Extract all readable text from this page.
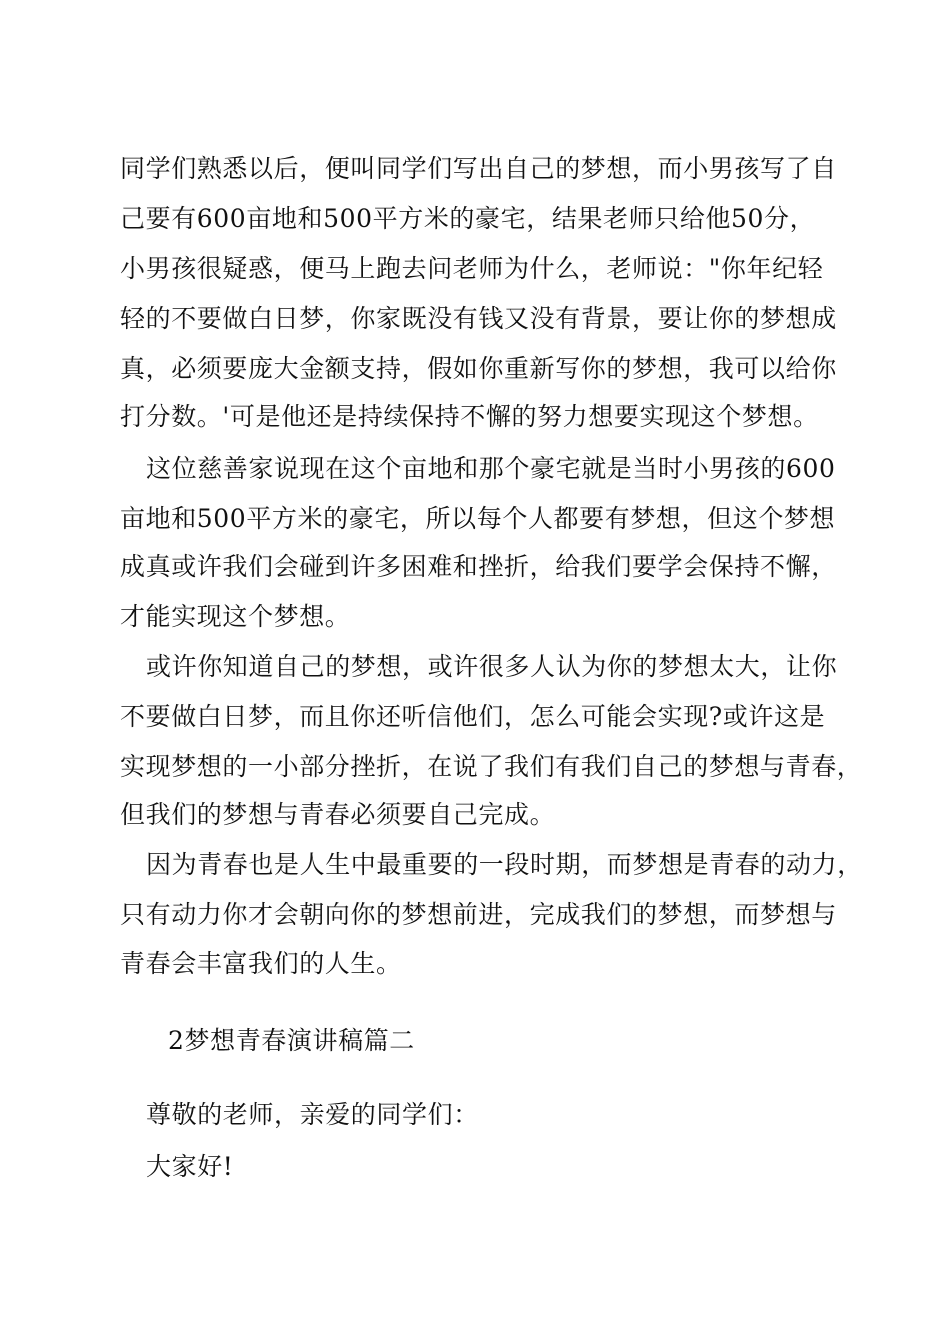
同学们熟悉以后，便叫同学们写出自己的梦想，而小男孩写了自
己要有600亩地和500平方米的豪宅，结果老师只给他50分，
小男孩很疑惑，便马上跑去问老师为什么，老师说："你年纪轻
轻的不要做白日梦，你家既没有钱又没有背景，要让你的梦想成
真，必须要庞大金额支持，假如你重新写你的梦想，我可以给你
打分数。'可是他还是持续保持不懈的努力想要实现这个梦想。
这位慈善家说现在这个亩地和那个豪宅就是当时小男孩的600
亩地和500平方米的豪宅，所以每个人都要有梦想，但这个梦想
成真或许我们会碰到许多困难和挫折，给我们要学会保持不懈，
才能实现这个梦想。
或许你知道自己的梦想，或许很多人认为你的梦想太大，让你
不要做白日梦，而且你还听信他们，怎么可能会实现?或许这是
实现梦想的一小部分挫折，在说了我们有我们自己的梦想与青春，
但我们的梦想与青春必须要自己完成。
因为青春也是人生中最重要的一段时期，而梦想是青春的动力，
只有动力你才会朝向你的梦想前进，完成我们的梦想，而梦想与
青春会丰富我们的人生。
2梦想青春演讲稿篇二
尊敬的老师，亲爱的同学们：
大家好!
